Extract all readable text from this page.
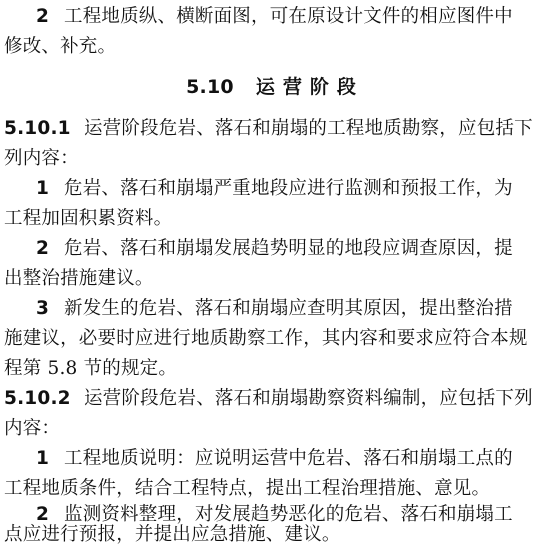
2 工程地质纵、横断面图，可在原设计文件的相应图件中
修改、补充。
5.10 运营阶段
5.10.1 运营阶段危岩、落石和崩塌的工程地质勘察，应包括下
列内容：
1 危岩、落石和崩塌严重地段应进行监测和预报工作，为
工程加固积累资料。
2 危岩、落石和崩塌发展趋势明显的地段应调查原因，提
出整治措施建议。
3 新发生的危岩、落石和崩塌应查明其原因，提出整治措
施建议，必要时应进行地质勘察工作，其内容和要求应符合本规
程第 5.8 节的规定。
5.10.2 运营阶段危岩、落石和崩塌勘察资料编制，应包括下列
内容：
1 工程地质说明：应说明运营中危岩、落石和崩塌工点的
工程地质条件，结合工程特点，提出工程治理措施、意见。
2 监测资料整理，对发展趋势恶化的危岩、落石和崩塌工
点应进行预报，并提出应急措施、建议。
